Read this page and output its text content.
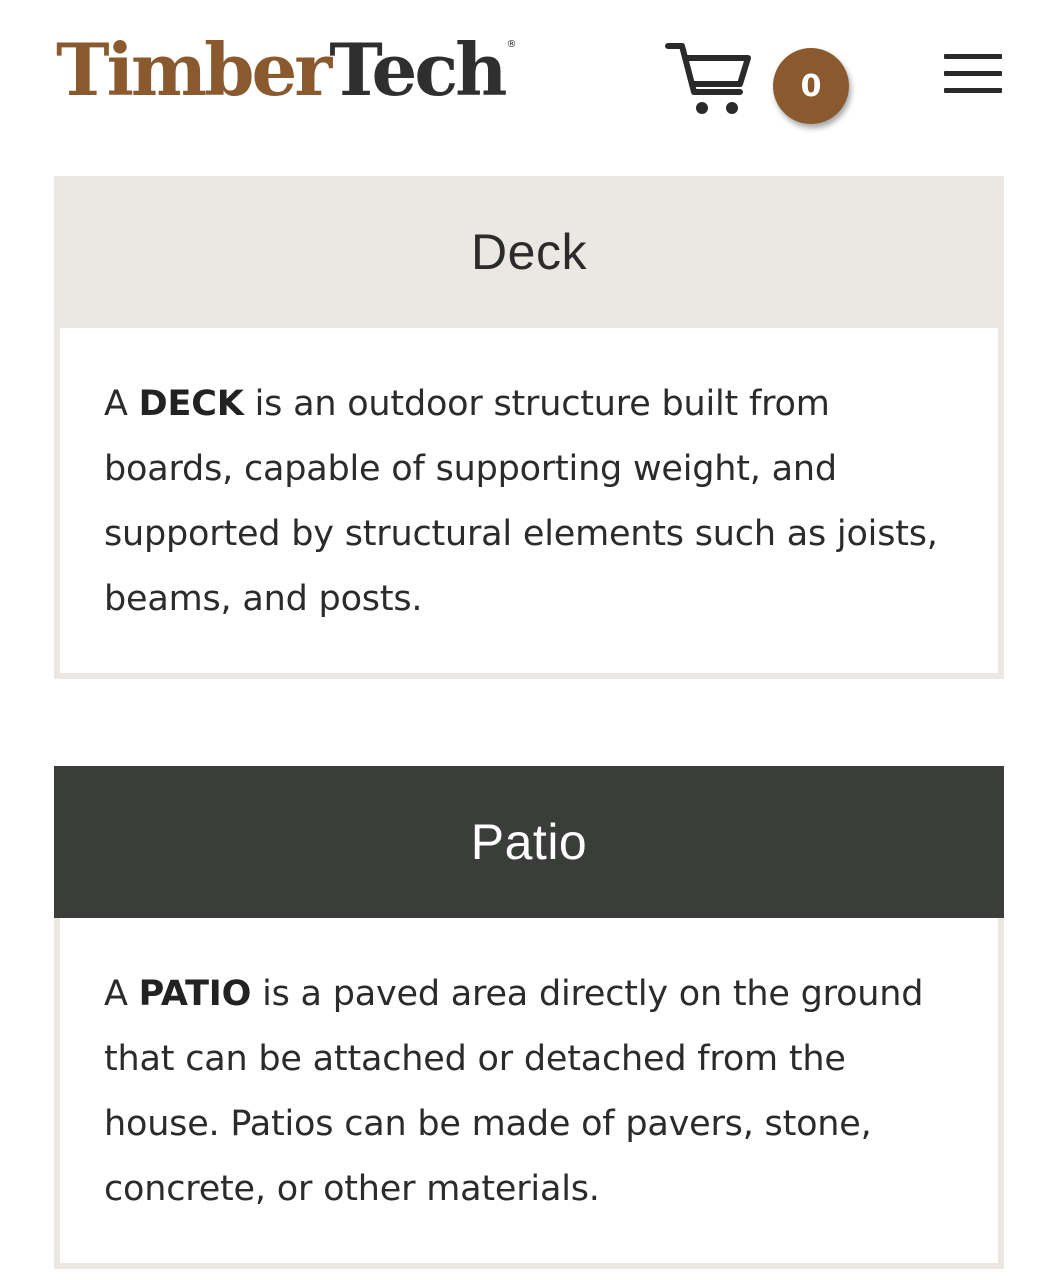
TimberTech ®
0
Deck

A DECK is an outdoor structure built from boards, capable of supporting weight, and supported by structural elements such as joists, beams, and posts.

Patio

A PATIO is a paved area directly on the ground that can be attached or detached from the house. Patios can be made of pavers, stone, concrete, or other materials.
